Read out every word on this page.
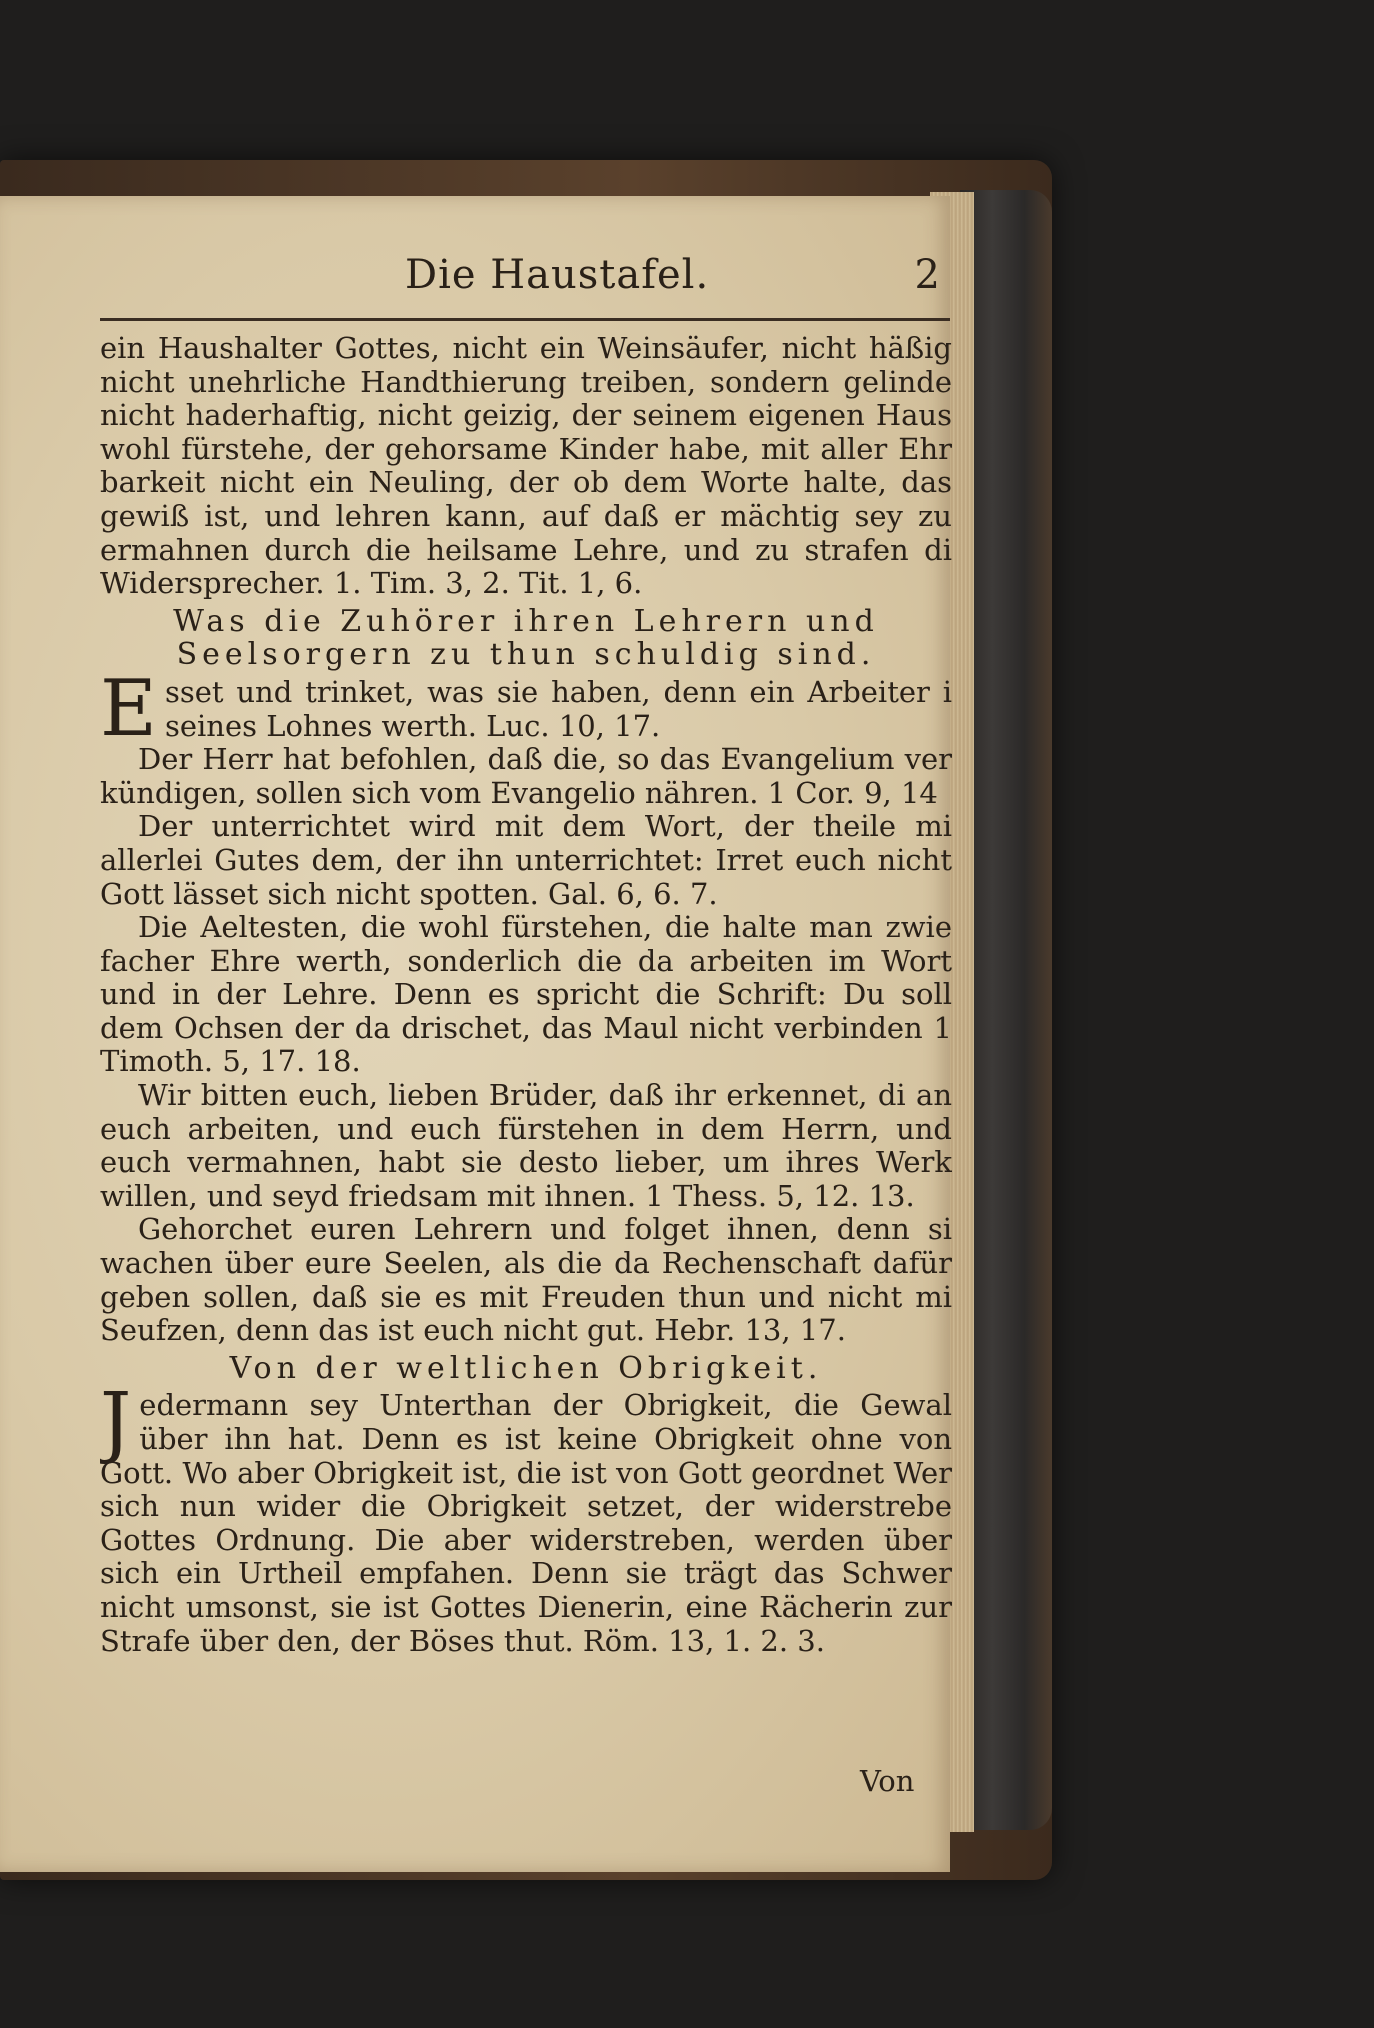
Die Haustafel.	2

ein Haushalter Gottes, nicht ein Weinsäufer, nicht häßig nicht unehrliche Handthierung treiben, sondern gelinde nicht haderhaftig, nicht geizig, der seinem eigenen Haus wohl fürstehe, der gehorsame Kinder habe, mit aller Ehr barkeit nicht ein Neuling, der ob dem Worte halte, das gewiß ist, und lehren kann, auf daß er mächtig sey zu ermahnen durch die heilsame Lehre, und zu strafen di Widersprecher. 1. Tim. 3, 2. Tit. 1, 6.

Was die Zuhörer ihren Lehrern und Seelsorgern zu thun schuldig sind.

Esset und trinket, was sie haben, denn ein Arbeiter i seines Lohnes werth. Luc. 10, 17.

Der Herr hat befohlen, daß die, so das Evangelium ver kündigen, sollen sich vom Evangelio nähren. 1 Cor. 9, 14

Der unterrichtet wird mit dem Wort, der theile mi allerlei Gutes dem, der ihn unterrichtet: Irret euch nicht Gott lässet sich nicht spotten. Gal. 6, 6. 7.

Die Aeltesten, die wohl fürstehen, die halte man zwie facher Ehre werth, sonderlich die da arbeiten im Wort und in der Lehre. Denn es spricht die Schrift: Du soll dem Ochsen der da drischet, das Maul nicht verbinden 1 Timoth. 5, 17. 18.

Wir bitten euch, lieben Brüder, daß ihr erkennet, di an euch arbeiten, und euch fürstehen in dem Herrn, und euch vermahnen, habt sie desto lieber, um ihres Werk willen, und seyd friedsam mit ihnen. 1 Thess. 5, 12. 13.

Gehorchet euren Lehrern und folget ihnen, denn si wachen über eure Seelen, als die da Rechenschaft dafür geben sollen, daß sie es mit Freuden thun und nicht mi Seufzen, denn das ist euch nicht gut. Hebr. 13, 17.

Von der weltlichen Obrigkeit.

Jedermann sey Unterthan der Obrigkeit, die Gewal über ihn hat. Denn es ist keine Obrigkeit ohne von Gott. Wo aber Obrigkeit ist, die ist von Gott geordnet Wer sich nun wider die Obrigkeit setzet, der widerstrebe Gottes Ordnung. Die aber widerstreben, werden über sich ein Urtheil empfahen. Denn sie trägt das Schwer nicht umsonst, sie ist Gottes Dienerin, eine Rächerin zur Strafe über den, der Böses thut. Röm. 13, 1. 2. 3.

Von
